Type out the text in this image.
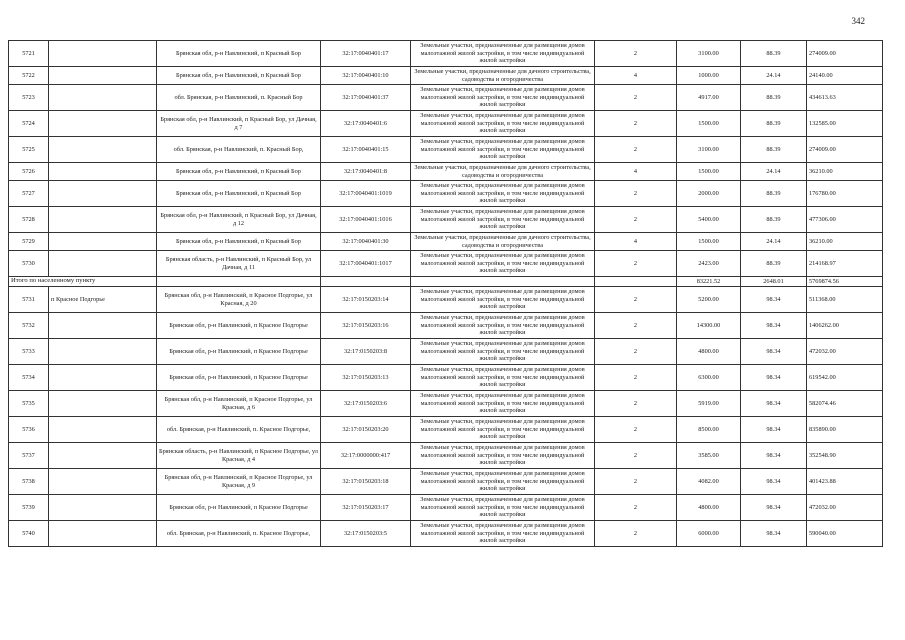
342
5721		Брянская обл, р-н Навлинский, п Красный Бор	32:17:0040401:17	Земельные участки, предназначенные для размещения домов малоэтажной жилой застройки, в том числе индивидуальной жилой застройки	2	3100.00	88.39	274009.00
5722		Брянская обл, р-н Навлинский, п Красный Бор	32:17:0040401:10	Земельные участки, предназначенные для дачного строительства, садоводства и огородничества	4	1000.00	24.14	24140.00
5723		обл. Брянская, р-н Навлинский, п. Красный Бор	32:17:0040401:37	Земельные участки, предназначенные для размещения домов малоэтажной жилой застройки, в том числе индивидуальной жилой застройки	2	4917.00	88.39	434613.63
5724		Брянская обл, р-н Навлинский, п Красный Бор, ул Дачная, д 7	32:17:0040401:6	Земельные участки, предназначенные для размещения домов малоэтажной жилой застройки, в том числе индивидуальной жилой застройки	2	1500.00	88.39	132585.00
5725		обл. Брянская, р-н Навлинский, п. Красный Бор,	32:17:0040401:15	Земельные участки, предназначенные для размещения домов малоэтажной жилой застройки, в том числе индивидуальной жилой застройки	2	3100.00	88.39	274009.00
5726		Брянская обл, р-н Навлинский, п Красный Бор	32:17:0040401:8	Земельные участки, предназначенные для дачного строительства, садоводства и огородничества	4	1500.00	24.14	36210.00
5727		Брянская обл, р-н Навлинский, п Красный Бор	32:17:0040401:1019	Земельные участки, предназначенные для размещения домов малоэтажной жилой застройки, в том числе индивидуальной жилой застройки	2	2000.00	88.39	176780.00
5728		Брянская обл, р-н Навлинский, п Красный Бор, ул Дачная, д 12	32:17:0040401:1016	Земельные участки, предназначенные для размещения домов малоэтажной жилой застройки, в том числе индивидуальной жилой застройки	2	5400.00	88.39	477306.00
5729		Брянская обл, р-н Навлинский, п Красный Бор	32:17:0040401:30	Земельные участки, предназначенные для дачного строительства, садоводства и огородничества	4	1500.00	24.14	36210.00
5730		Брянская область, р-н Навлинский, п Красный Бор, ул Дачная, д 11	32:17:0040401:1017	Земельные участки, предназначенные для размещения домов малоэтажной жилой застройки, в том числе индивидуальной жилой застройки	2	2423.00	88.39	214168.97
Итого по населенному пункту						83221.52	2648.01	5769874.56
5731	п Красное Подгорье	Брянская обл, р-н Навлинский, п Красное Подгорье, ул Красная, д 20	32:17:0150203:14	Земельные участки, предназначенные для размещения домов малоэтажной жилой застройки, в том числе индивидуальной жилой застройки	2	5200.00	98.34	511368.00
5732		Брянская обл, р-н Навлинский, п Красное Подгорье	32:17:0150203:16	Земельные участки, предназначенные для размещения домов малоэтажной жилой застройки, в том числе индивидуальной жилой застройки	2	14300.00	98.34	1406262.00
5733		Брянская обл, р-н Навлинский, п Красное Подгорье	32:17:0150203:8	Земельные участки, предназначенные для размещения домов малоэтажной жилой застройки, в том числе индивидуальной жилой застройки	2	4800.00	98.34	472032.00
5734		Брянская обл, р-н Навлинский, п Красное Подгорье	32:17:0150203:13	Земельные участки, предназначенные для размещения домов малоэтажной жилой застройки, в том числе индивидуальной жилой застройки	2	6300.00	98.34	619542.00
5735		Брянская обл, р-н Навлинский, п Красное Подгорье, ул Красная, д 6	32:17:0150203:6	Земельные участки, предназначенные для размещения домов малоэтажной жилой застройки, в том числе индивидуальной жилой застройки	2	5919.00	98.34	582074.46
5736		обл. Брянская, р-н Навлинский, п. Красное Подгорье,	32:17:0150203:20	Земельные участки, предназначенные для размещения домов малоэтажной жилой застройки, в том числе индивидуальной жилой застройки	2	8500.00	98.34	835890.00
5737		Брянская область, р-н Навлинский, п Красное Подгорье, ул Красная, д 4	32:17:0000000:417	Земельные участки, предназначенные для размещения домов малоэтажной жилой застройки, в том числе индивидуальной жилой застройки	2	3585.00	98.34	352548.90
5738		Брянская обл, р-н Навлинский, п Красное Подгорье, ул Красная, д 9	32:17:0150203:18	Земельные участки, предназначенные для размещения домов малоэтажной жилой застройки, в том числе индивидуальной жилой застройки	2	4082.00	98.34	401423.88
5739		Брянская обл, р-н Навлинский, п Красное Подгорье	32:17:0150203:17	Земельные участки, предназначенные для размещения домов малоэтажной жилой застройки, в том числе индивидуальной жилой застройки	2	4800.00	98.34	472032.00
5740		обл. Брянская, р-н Навлинский, п. Красное Подгорье,	32:17:0150203:5	Земельные участки, предназначенные для размещения домов малоэтажной жилой застройки, в том числе индивидуальной жилой застройки	2	6000.00	98.34	590040.00
